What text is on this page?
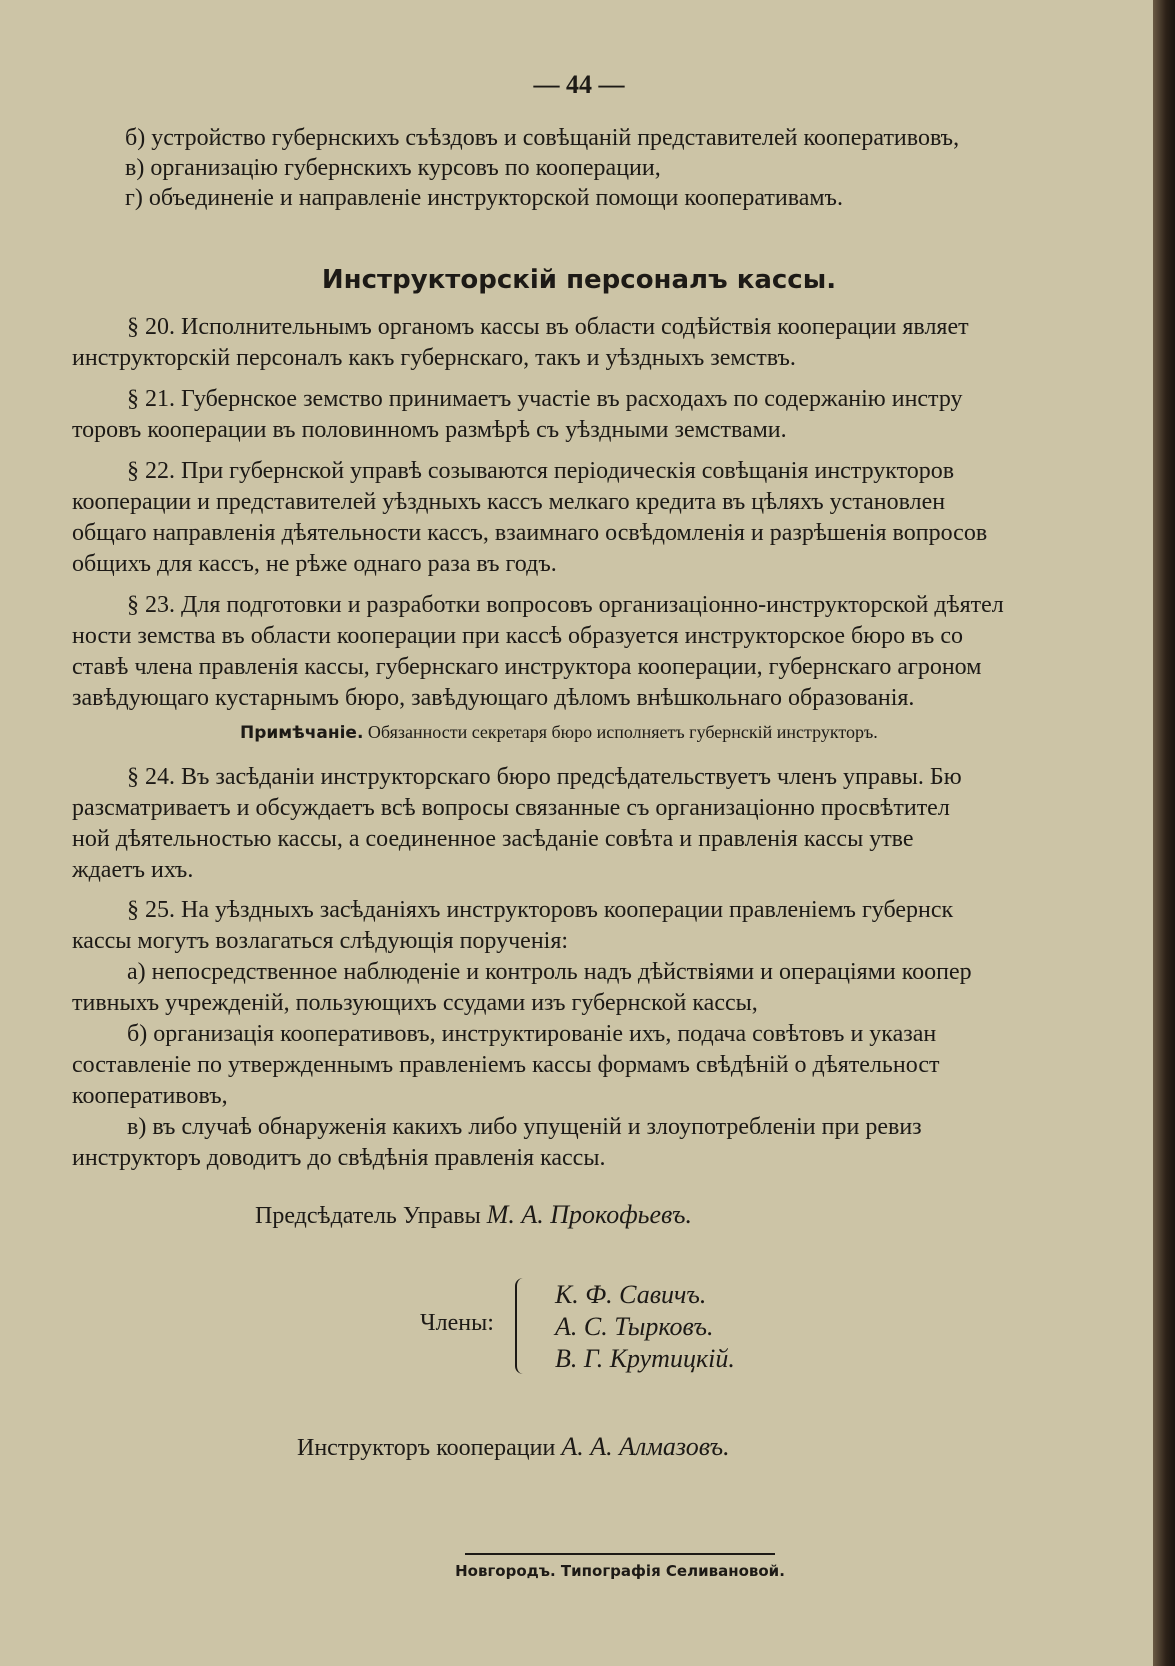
— 44 —
б) устройство губернскихъ съѣздовъ и совѣщаній представителей кооперативовъ,
в) организацію губернскихъ курсовъ по кооперации,
г) объединеніе и направленіе инструкторской помощи кооперативамъ.
Инструкторскій персоналъ кассы.
§ 20. Исполнительнымъ органомъ кассы въ области содѣйствія кооперации являет
инструкторскій персоналъ какъ губернскаго, такъ и уѣздныхъ земствъ.
§ 21. Губернское земство принимаетъ участіе въ расходахъ по содержанію инстру
торовъ кооперации въ половинномъ размѣрѣ съ уѣздными земствами.
§ 22. При губернской управѣ созываются періодическія совѣщанія инструкторов
кооперации и представителей уѣздныхъ кассъ мелкаго кредита въ цѣляхъ установлен
общаго направленія дѣятельности кассъ, взаимнаго освѣдомленія и разрѣшенія вопросов
общихъ для кассъ, не рѣже однаго раза въ годъ.
§ 23. Для подготовки и разработки вопросовъ организаціонно-инструкторской дѣятел
ности земства въ области кооперации при кассѣ образуется инструкторское бюро въ со
ставѣ члена правленія кассы, губернскаго инструктора кооперации, губернскаго агроном
завѣдующаго кустарнымъ бюро, завѣдующаго дѣломъ внѣшкольнаго образованія.
Примѣчаніе. Обязанности секретаря бюро исполняетъ губернскій инструкторъ.
§ 24. Въ засѣданіи инструкторскаго бюро предсѣдательствуетъ членъ управы. Бю
разсматриваетъ и обсуждаетъ всѣ вопросы связанные съ организаціонно просвѣтител
ной дѣятельностью кассы, а соединенное засѣданіе совѣта и правленія кассы утве
ждаетъ ихъ.
§ 25. На уѣздныхъ засѣданіяхъ инструкторовъ кооперации правленіемъ губернск
кассы могутъ возлагаться слѣдующія порученія:
а) непосредственное наблюденіе и контроль надъ дѣйствіями и операціями коопер
тивныхъ учрежденій, пользующихъ ссудами изъ губернской кассы,
б) организація кооперативовъ, инструктированіе ихъ, подача совѣтовъ и указан
составленіе по утвержденнымъ правленіемъ кассы формамъ свѣдѣній о дѣятельност
кооперативовъ,
в) въ случаѣ обнаруженія какихъ либо упущеній и злоупотребленіи при ревиз
инструкторъ доводитъ до свѣдѣнія правленія кассы.
Предсѣдатель Управы М. А. Прокофьевъ.
Члены:
К. Ф. Савичъ.
А. С. Тырковъ.
В. Г. Крутицкій.
Инструкторъ кооперации А. А. Алмазовъ.
Новгородъ. Типографія Селивановой.
